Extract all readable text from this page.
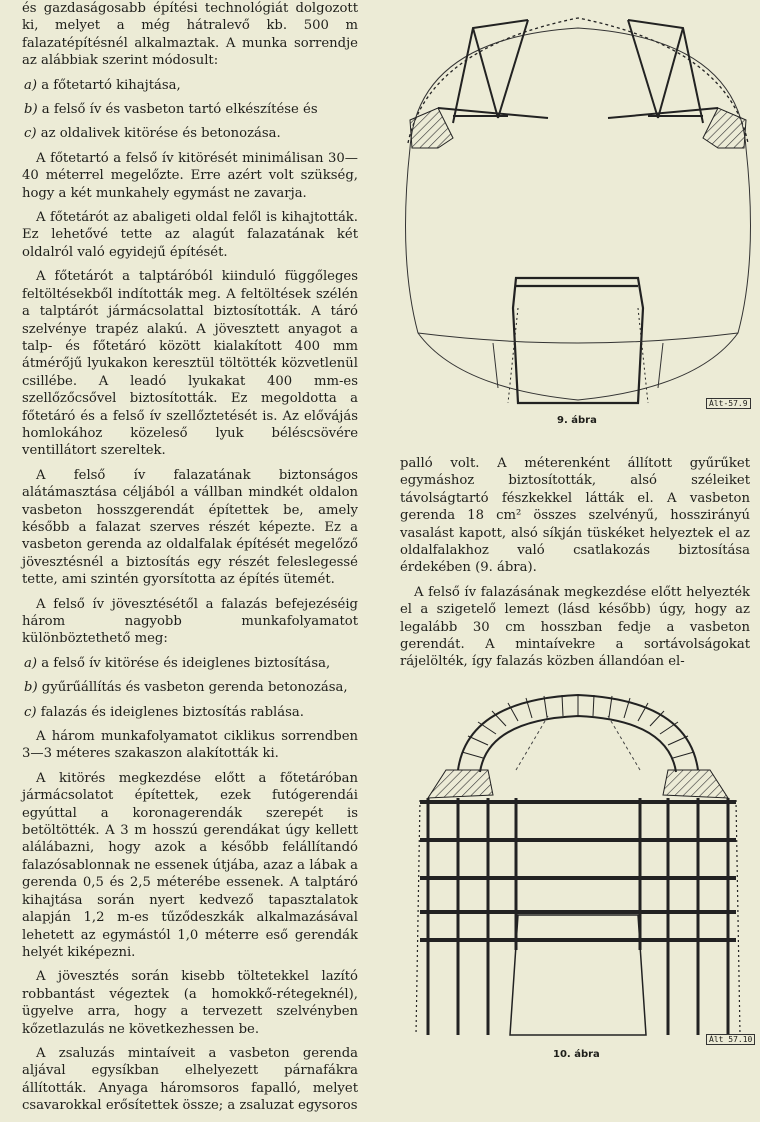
és gazdaságosabb építési technológiát dolgozott ki, melyet a még hátralevő kb. 500 m falazatépítésnél alkalmaztak. A munka sorrendje az alábbiak szerint módosult:

a) a főtetartó kihajtása,

b) a felső ív és vasbeton tartó elkészítése és

c) az oldalivek kitörése és betonozása.

A főtetartó a felső ív kitörését minimálisan 30—40 méterrel megelőzte. Erre azért volt szükség, hogy a két munkahely egymást ne zavarja.

A főtetárót az abaligeti oldal felől is kihajtották. Ez lehetővé tette az alagút falazatának két oldalról való egyidejű építését.

A főtetárót a talptáróból kiinduló függőleges feltöltésekből indították meg. A feltöltések szélén a talptárót jármácsolattal biztosították. A táró szelvénye trapéz alakú. A jövesztett anyagot a talp- és főtetáró között kialakított 400 mm átmérőjű lyukakon keresztül töltötték közvetlenül csillébe. A leadó lyukakat 400 mm-es szellőzőcsővel biztosították. Ez megoldotta a főtetáró és a felső ív szellőztetését is. Az elővájás homlokához közeleső lyuk béléscsövére ventillátort szereltek.

A felső ív falazatának biztonságos alátámasztása céljából a vállban mindkét oldalon vasbeton hosszgerendát építettek be, amely később a falazat szerves részét képezte. Ez a vasbeton gerenda az oldalfalak építését megelőző jövesztésnél a biztosítás egy részét feleslegessé tette, ami szintén gyorsította az építés ütemét.

A felső ív jövesztésétől a falazás befejezéséig három nagyobb munkafolyamatot különböztethető meg:

a) a felső ív kitörése és ideiglenes biztosítása,

b) gyűrűállítás és vasbeton gerenda betonozása,

c) falazás és ideiglenes biztosítás rablása.

A három munkafolyamatot ciklikus sorrendben 3—3 méteres szakaszon alakították ki.

A kitörés megkezdése előtt a főtetáróban jármácsolatot építettek, ezek futógerendái egyúttal a koronagerendák szerepét is betöltötték. A 3 m hosszú gerendákat úgy kellett alálábazni, hogy azok a később felállítandó falazósablonnak ne essenek útjába, azaz a lábak a gerenda 0,5 és 2,5 méterébe essenek. A talptáró kihajtása során nyert kedvező tapasztalatok alapján 1,2 m-es tűződeszkák alkalmazásával lehetett az egymástól 1,0 méterre eső gerendák helyét kiképezni.

A jövesztés során kisebb töltetekkel lazító robbantást végeztek (a homokkő-rétegeknél), ügyelve arra, hogy a tervezett szelvényben kőzetlazulás ne következhessen be.

A zsaluzás mintaíveit a vasbeton gerenda aljával egysíkban elhelyezett párnafákra állították. Anyaga háromsoros fapalló, melyet csavarokkal erősítettek össze; a zsaluzat egysoros

9. ábra
Ált-57.9

palló volt. A méterenként állított gyűrűket egymáshoz biztosították, alsó széleiket távolságtartó fészkekkel látták el. A vasbeton gerenda 18 cm² összes szelvényű, hosszirányú vasalást kapott, alsó síkján tüskéket helyeztek el az oldalfalakhoz való csatlakozás biztosítása érdekében (9. ábra).

A felső ív falazásának megkezdése előtt helyezték el a szigetelő lemezt (lásd később) úgy, hogy az legalább 30 cm hosszban fedje a vasbeton gerendát. A mintaívekre a sortávolságokat rájelölték, így falazás közben állandóan el-

10. ábra
Ált 57.10
